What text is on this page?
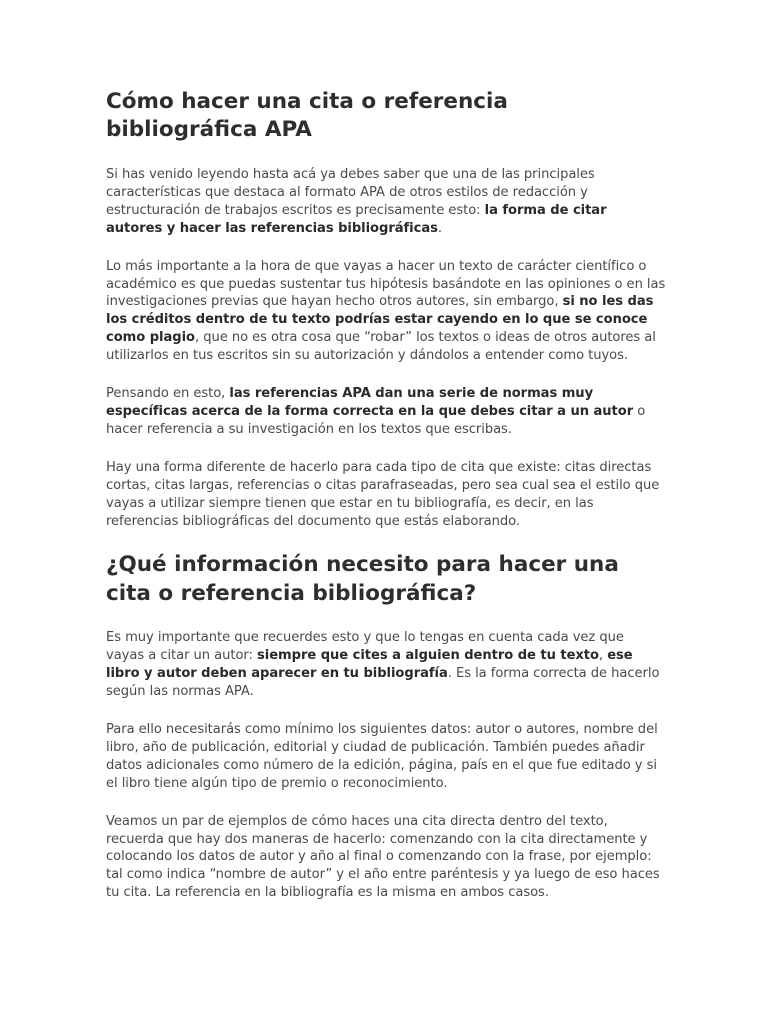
Cómo hacer una cita o referencia bibliográfica APA

Si has venido leyendo hasta acá ya debes saber que una de las principales características que destaca al formato APA de otros estilos de redacción y estructuración de trabajos escritos es precisamente esto: la forma de citar autores y hacer las referencias bibliográficas.

Lo más importante a la hora de que vayas a hacer un texto de carácter científico o académico es que puedas sustentar tus hipótesis basándote en las opiniones o en las investigaciones previas que hayan hecho otros autores, sin embargo, si no les das los créditos dentro de tu texto podrías estar cayendo en lo que se conoce como plagio, que no es otra cosa que “robar” los textos o ideas de otros autores al utilizarlos en tus escritos sin su autorización y dándolos a entender como tuyos.

Pensando en esto, las referencias APA dan una serie de normas muy específicas acerca de la forma correcta en la que debes citar a un autor o hacer referencia a su investigación en los textos que escribas.

Hay una forma diferente de hacerlo para cada tipo de cita que existe: citas directas cortas, citas largas, referencias o citas parafraseadas, pero sea cual sea el estilo que vayas a utilizar siempre tienen que estar en tu bibliografía, es decir, en las referencias bibliográficas del documento que estás elaborando.

¿Qué información necesito para hacer una cita o referencia bibliográfica?

Es muy importante que recuerdes esto y que lo tengas en cuenta cada vez que vayas a citar un autor: siempre que cites a alguien dentro de tu texto, ese libro y autor deben aparecer en tu bibliografía. Es la forma correcta de hacerlo según las normas APA.

Para ello necesitarás como mínimo los siguientes datos: autor o autores, nombre del libro, año de publicación, editorial y ciudad de publicación. También puedes añadir datos adicionales como número de la edición, página, país en el que fue editado y si el libro tiene algún tipo de premio o reconocimiento.

Veamos un par de ejemplos de cómo haces una cita directa dentro del texto, recuerda que hay dos maneras de hacerlo: comenzando con la cita directamente y colocando los datos de autor y año al final o comenzando con la frase, por ejemplo: tal como indica “nombre de autor” y el año entre paréntesis y ya luego de eso haces tu cita. La referencia en la bibliografía es la misma en ambos casos.
